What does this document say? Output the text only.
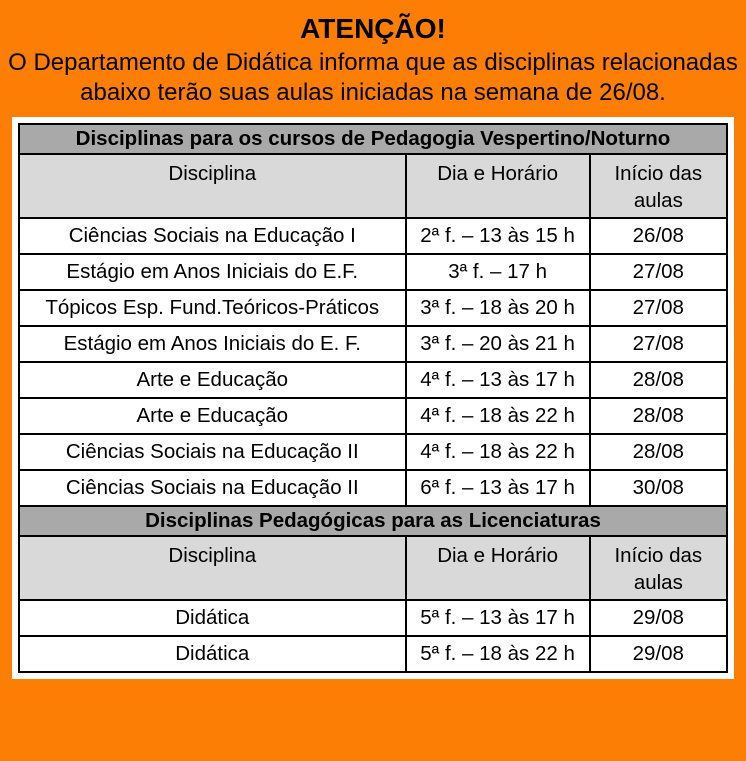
ATENÇÃO!

O Departamento de Didática informa que as disciplinas relacionadas abaixo terão suas aulas iniciadas na semana de 26/08.

Disciplinas para os cursos de Pedagogia Vespertino/Noturno		
Disciplina	Dia e Horário	Início das aulas
Ciências Sociais na Educação I	2ª f. – 13 às 15 h	26/08
Estágio em Anos Iniciais do E.F.	3ª f. – 17 h	27/08
Tópicos Esp. Fund.Teóricos-Práticos	3ª f. – 18 às 20 h	27/08
Estágio em Anos Iniciais do E. F.	3ª f. – 20 às 21 h	27/08
Arte e Educação	4ª f. – 13 às 17 h	28/08
Arte e Educação	4ª f. – 18 às 22 h	28/08
Ciências Sociais na Educação II	4ª f. – 18 às 22 h	28/08
Ciências Sociais na Educação II	6ª f. – 13 às 17 h	30/08
Disciplinas Pedagógicas para as Licenciaturas		
Disciplina	Dia e Horário	Início das aulas
Didática	5ª f. – 13 às 17 h	29/08
Didática	5ª f. – 18 às 22 h	29/08
